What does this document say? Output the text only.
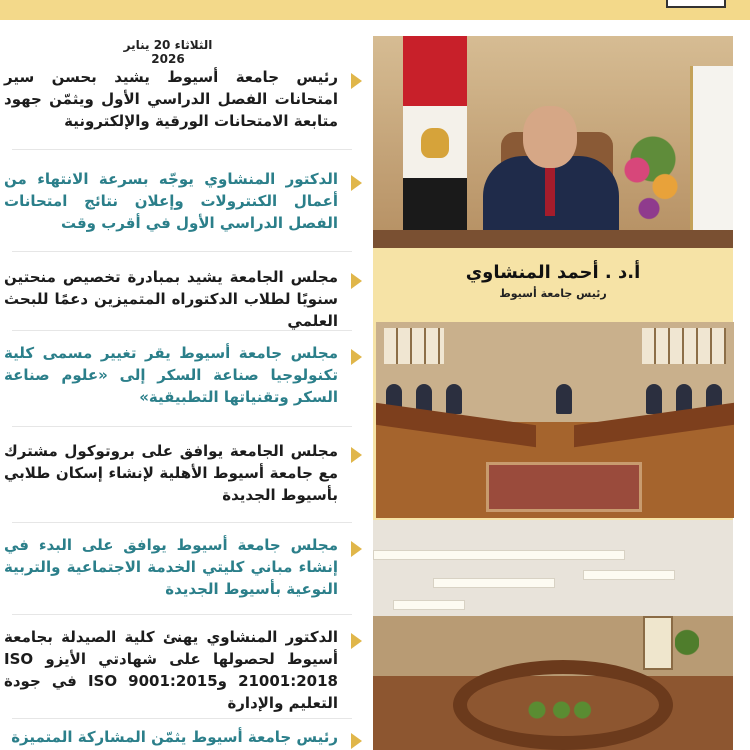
الثلاثاء 20 يناير 2026

رئيس جامعة أسيوط يشيد بحسن سير امتحانات الفصل الدراسي الأول ويثمّن جهود متابعة الامتحانات الورقية والإلكترونية

الدكتور المنشاوي يوجّه بسرعة الانتهاء من أعمال الكنترولات وإعلان نتائج امتحانات الفصل الدراسي الأول في أقرب وقت

مجلس الجامعة يشيد بمبادرة تخصيص منحتين سنويًا لطلاب الدكتوراه المتميزين دعمًا للبحث العلمي

مجلس جامعة أسيوط يقر تغيير مسمى كلية تكنولوجيا صناعة السكر إلى «علوم صناعة السكر وتقنياتها التطبيقية»

مجلس الجامعة يوافق على بروتوكول مشترك مع جامعة أسيوط الأهلية لإنشاء إسكان طلابي بأسيوط الجديدة

مجلس جامعة أسيوط يوافق على البدء في إنشاء مباني كليتي الخدمة الاجتماعية والتربية النوعية بأسيوط الجديدة

الدكتور المنشاوي يهنئ كلية الصيدلة بجامعة أسيوط لحصولها على شهادتي الأيزو ISO 21001:2018 وISO 9001:2015 في جودة التعليم والإدارة

رئيس جامعة أسيوط يثمّن المشاركة المتميزة

أ.د . أحمد المنشاوي
رئيس جامعة أسيوط
